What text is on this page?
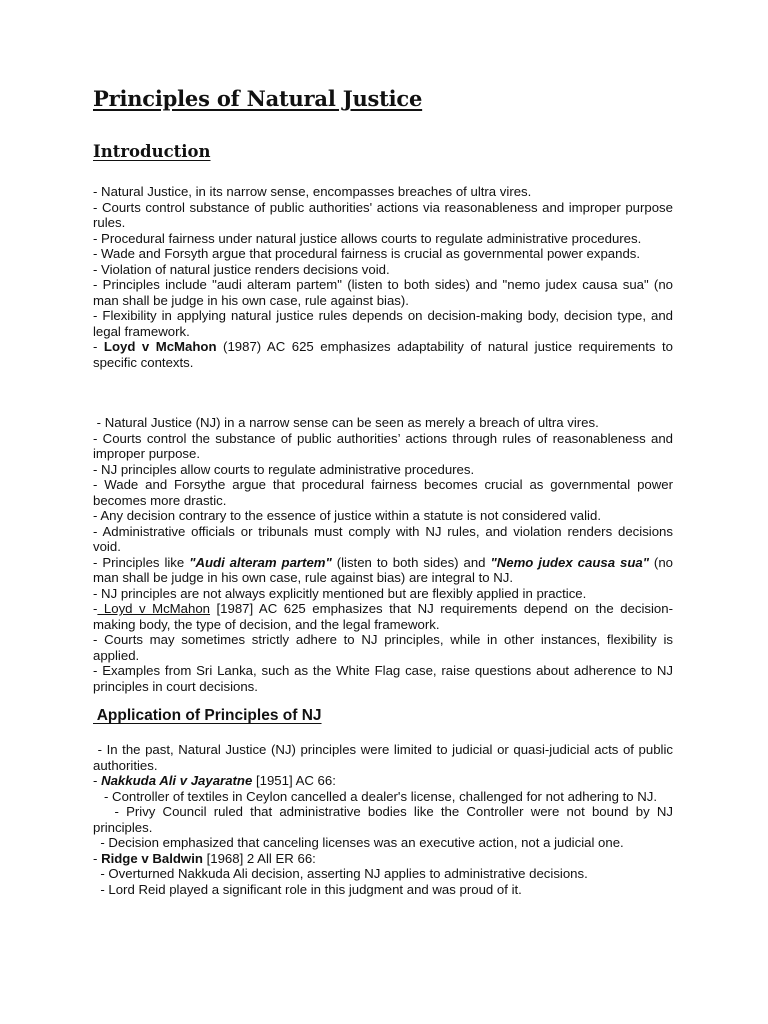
Principles of Natural Justice
Introduction

- Natural Justice, in its narrow sense, encompasses breaches of ultra vires.

- Courts control substance of public authorities' actions via reasonableness and improper purpose rules.

- Procedural fairness under natural justice allows courts to regulate administrative procedures.

- Wade and Forsyth argue that procedural fairness is crucial as governmental power expands.

- Violation of natural justice renders decisions void.

- Principles include "audi alteram partem" (listen to both sides) and "nemo judex causa sua" (no man shall be judge in his own case, rule against bias).

- Flexibility in applying natural justice rules depends on decision-making body, decision type, and legal framework.

- Loyd v McMahon (1987) AC 625 emphasizes adaptability of natural justice requirements to specific contexts.

- Natural Justice (NJ) in a narrow sense can be seen as merely a breach of ultra vires.

- Courts control the substance of public authorities’ actions through rules of reasonableness and improper purpose.

- NJ principles allow courts to regulate administrative procedures.

- Wade and Forsythe argue that procedural fairness becomes crucial as governmental power becomes more drastic.

- Any decision contrary to the essence of justice within a statute is not considered valid.

- Administrative officials or tribunals must comply with NJ rules, and violation renders decisions void.

- Principles like "Audi alteram partem" (listen to both sides) and "Nemo judex causa sua" (no man shall be judge in his own case, rule against bias) are integral to NJ.

- NJ principles are not always explicitly mentioned but are flexibly applied in practice.

- Loyd v McMahon [1987] AC 625 emphasizes that NJ requirements depend on the decision-making body, the type of decision, and the legal framework.

- Courts may sometimes strictly adhere to NJ principles, while in other instances, flexibility is applied.

- Examples from Sri Lanka, such as the White Flag case, raise questions about adherence to NJ principles in court decisions.

Application of Principles of NJ

- In the past, Natural Justice (NJ) principles were limited to judicial or quasi-judicial acts of public authorities.

- Nakkuda Ali v Jayaratne [1951] AC 66:

- Controller of textiles in Ceylon cancelled a dealer's license, challenged for not adhering to NJ.

- Privy Council ruled that administrative bodies like the Controller were not bound by NJ principles.

- Decision emphasized that canceling licenses was an executive action, not a judicial one.

- Ridge v Baldwin [1968] 2 All ER 66:

- Overturned Nakkuda Ali decision, asserting NJ applies to administrative decisions.

- Lord Reid played a significant role in this judgment and was proud of it.
